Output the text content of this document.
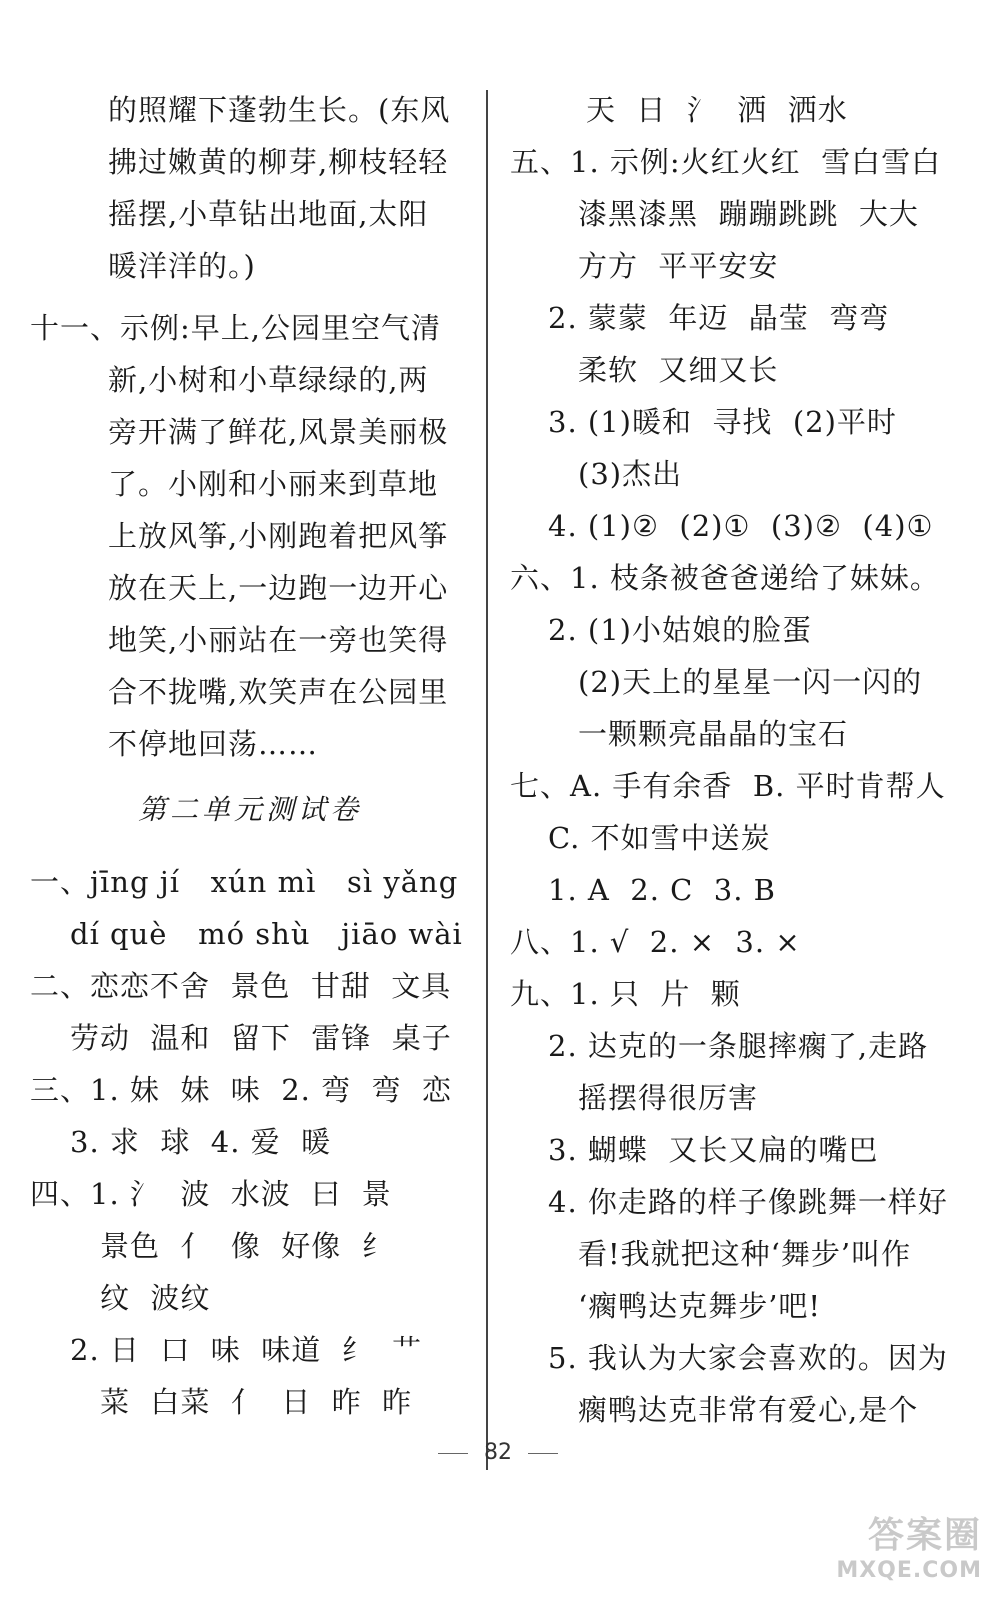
的照耀下蓬勃生长。(东风
拂过嫩黄的柳芽,柳枝轻轻
摇摆,小草钻出地面,太阳
暖洋洋的。)
十一、示例:早上,公园里空气清
新,小树和小草绿绿的,两
旁开满了鲜花,风景美丽极
了。小刚和小丽来到草地
上放风筝,小刚跑着把风筝
放在天上,一边跑一边开心
地笑,小丽站在一旁也笑得
合不拢嘴,欢笑声在公园里
不停地回荡……
第二单元测试卷
一、jīng jí   xún mì   sì yǎng
dí què   mó shù   jiāo wài
二、恋恋不舍  景色  甘甜  文具
劳动  温和  留下  雷锋  桌子
三、1. 妹  妹  味  2. 弯  弯  恋
3. 求  球  4. 爱  暖
四、1. 氵  波  水波  曰  景
景色  亻  像  好像  纟
纹  波纹
2. 日  口  味  味道  纟  艹
菜  白菜  亻  日  昨  昨
天  日  氵  洒  洒水
五、1. 示例:火红火红  雪白雪白
漆黑漆黑  蹦蹦跳跳  大大
方方  平平安安
2. 蒙蒙  年迈  晶莹  弯弯
柔软  又细又长
3. (1)暖和  寻找  (2)平时
(3)杰出
4. (1)②  (2)①  (3)②  (4)①
六、1. 枝条被爸爸递给了妹妹。
2. (1)小姑娘的脸蛋
(2)天上的星星一闪一闪的
一颗颗亮晶晶的宝石
七、A. 手有余香  B. 平时肯帮人
C. 不如雪中送炭
1. A  2. C  3. B
八、1. √  2. ×  3. ×
九、1. 只  片  颗
2. 达克的一条腿摔瘸了,走路
摇摆得很厉害
3. 蝴蝶  又长又扁的嘴巴
4. 你走路的样子像跳舞一样好
看!我就把这种‘舞步’叫作
‘瘸鸭达克舞步’吧!
5. 我认为大家会喜欢的。因为
瘸鸭达克非常有爱心,是个
82
答案圈
MXQE.COM
